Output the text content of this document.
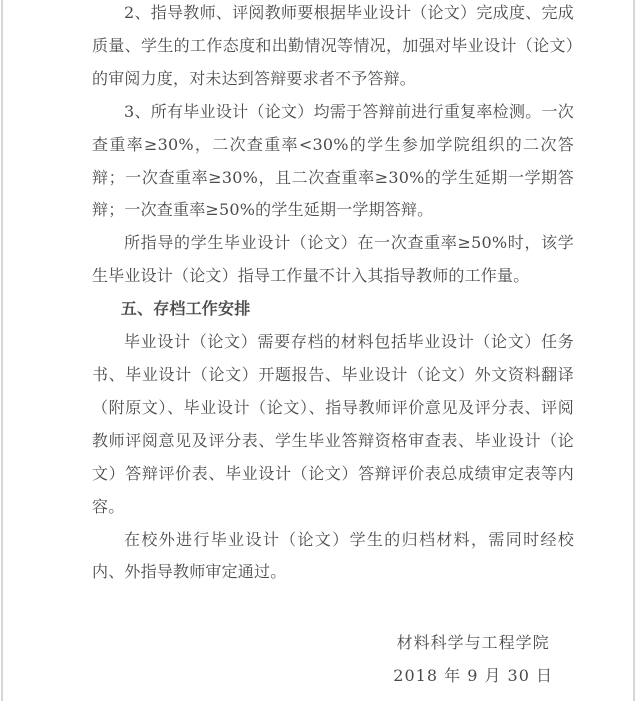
2、指导教师、评阅教师要根据毕业设计（论文）完成度、完成质量、学生的工作态度和出勤情况等情况，加强对毕业设计（论文）的审阅力度，对未达到答辩要求者不予答辩。

3、所有毕业设计（论文）均需于答辩前进行重复率检测。一次查重率≥30%，二次查重率<30%的学生参加学院组织的二次答辩；一次查重率≥30%，且二次查重率≥30%的学生延期一学期答辩；一次查重率≥50%的学生延期一学期答辩。

所指导的学生毕业设计（论文）在一次查重率≥50%时，该学生毕业设计（论文）指导工作量不计入其指导教师的工作量。

五、存档工作安排

毕业设计（论文）需要存档的材料包括毕业设计（论文）任务书、毕业设计（论文）开题报告、毕业设计（论文）外文资料翻译（附原文）、毕业设计（论文）、指导教师评价意见及评分表、评阅教师评阅意见及评分表、学生毕业答辩资格审查表、毕业设计（论文）答辩评价表、毕业设计（论文）答辩评价表总成绩审定表等内容。

在校外进行毕业设计（论文）学生的归档材料，需同时经校内、外指导教师审定通过。

材料科学与工程学院
2018 年 9 月 30 日
